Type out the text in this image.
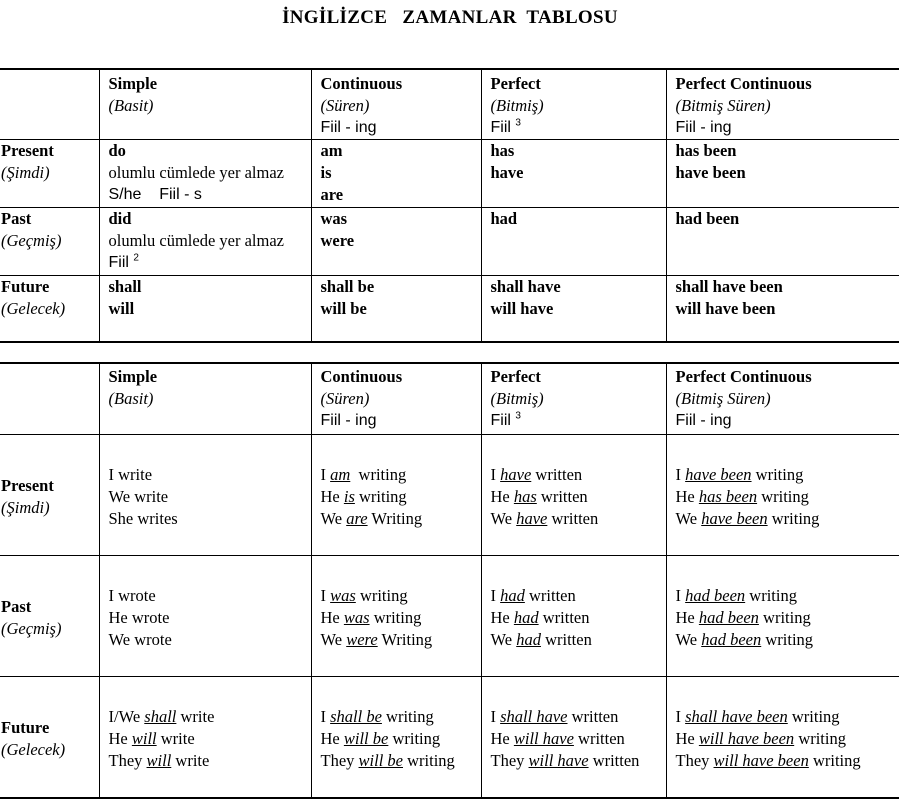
İNGİLİZCE   ZAMANLAR  TABLOSU

	Simple
(Basit)	Continuous
(Süren)
Fiil - ing	Perfect
(Bitmiş)
Fiil $^3$	Perfect Continuous
(Bitmiş Süren)
Fiil - ing

Present
(Şimdi)	do
olumlu cümlede yer almaz
S/he    Fiil - s	am
is
are	has
have	has been
have been

Past
(Geçmiş)	did
olumlu cümlede yer almaz
Fiil $^2$	was
were	had	had been

Future
(Gelecek)	shall
will	shall be
will be	shall have
will have	shall have been
will have been

	Simple
(Basit)	Continuous
(Süren)
Fiil - ing	Perfect
(Bitmiş)
Fiil $^3$	Perfect Continuous
(Bitmiş Süren)
Fiil - ing

Present
(Şimdi)	I write
We write
She writes	I am  writing
He is writing
We are Writing	I have written
He has written
We have written	I have been writing
He has been writing
We have been writing

Past
(Geçmiş)	I wrote
He wrote
We wrote	I was writing
He was writing
We were Writing	I had written
He had written
We had written	I had been writing
He had been writing
We had been writing

Future
(Gelecek)	I/We shall write
He will write
They will write	I shall be writing
He will be writing
They will be writing	I shall have written
He will have written
They will have written	I shall have been writing
He will have been writing
They will have been writing
